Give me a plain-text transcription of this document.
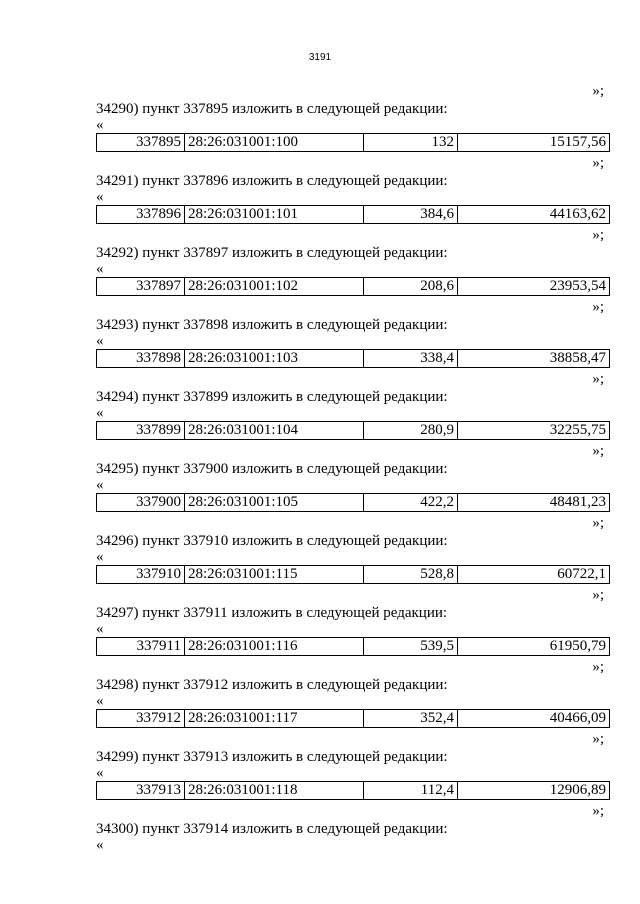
3191
»;
34290) пункт 337895 изложить в следующей редакции:
«
337895	28:26:031001:100	132	15157,56
»;
34291) пункт 337896 изложить в следующей редакции:
«
337896	28:26:031001:101	384,6	44163,62
»;
34292) пункт 337897 изложить в следующей редакции:
«
337897	28:26:031001:102	208,6	23953,54
»;
34293) пункт 337898 изложить в следующей редакции:
«
337898	28:26:031001:103	338,4	38858,47
»;
34294) пункт 337899 изложить в следующей редакции:
«
337899	28:26:031001:104	280,9	32255,75
»;
34295) пункт 337900 изложить в следующей редакции:
«
337900	28:26:031001:105	422,2	48481,23
»;
34296) пункт 337910 изложить в следующей редакции:
«
337910	28:26:031001:115	528,8	60722,1
»;
34297) пункт 337911 изложить в следующей редакции:
«
337911	28:26:031001:116	539,5	61950,79
»;
34298) пункт 337912 изложить в следующей редакции:
«
337912	28:26:031001:117	352,4	40466,09
»;
34299) пункт 337913 изложить в следующей редакции:
«
337913	28:26:031001:118	112,4	12906,89
»;
34300) пункт 337914 изложить в следующей редакции:
«
